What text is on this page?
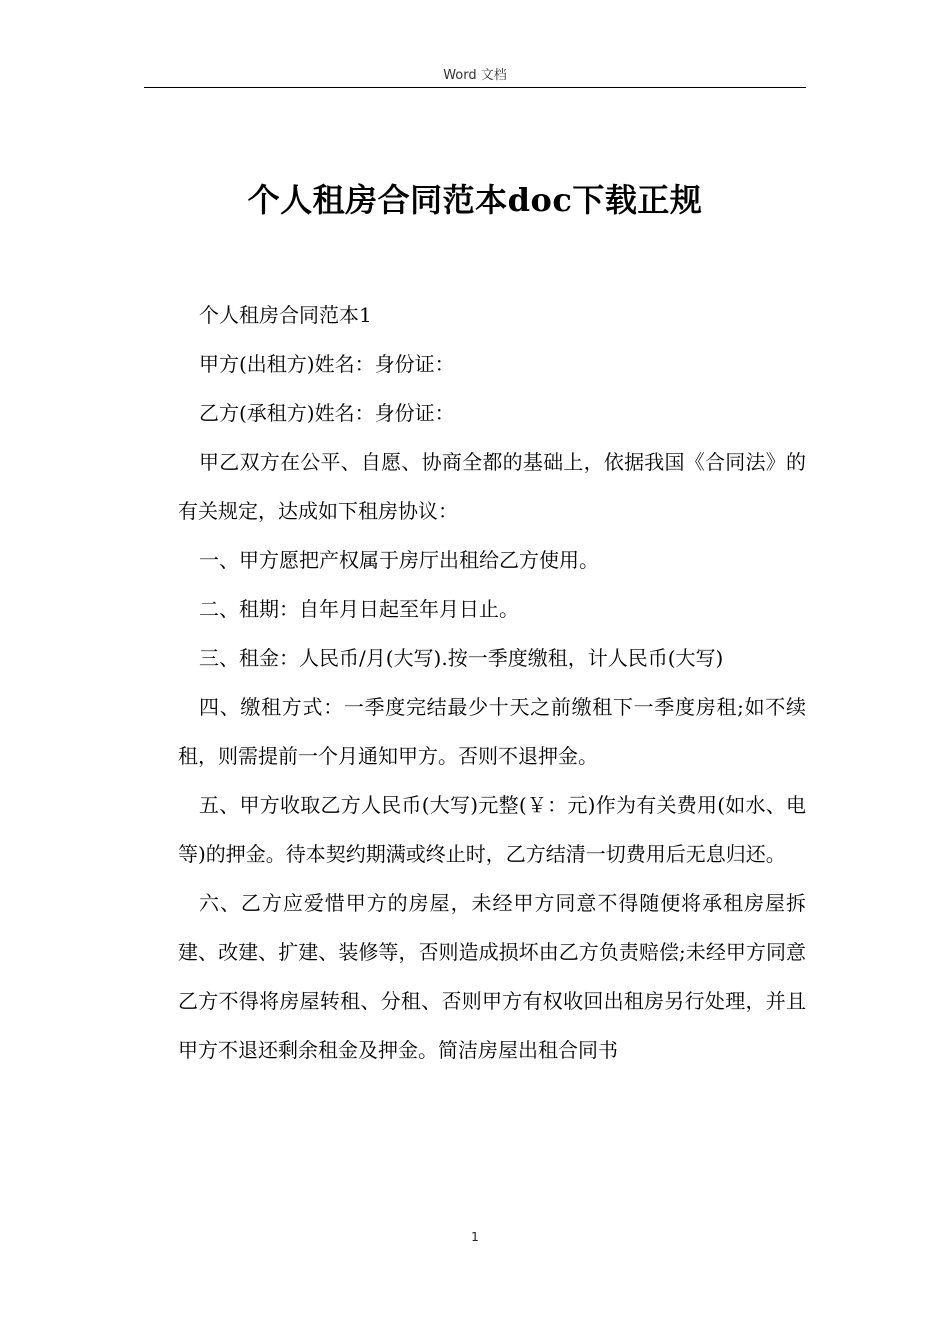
Word 文档
个人租房合同范本doc下载正规

个人租房合同范本1

甲方(出租方)姓名：身份证：

乙方(承租方)姓名：身份证：

甲乙双方在公平、自愿、协商全都的基础上，依据我国《合同法》的有关规定，达成如下租房协议：

一、甲方愿把产权属于房厅出租给乙方使用。

二、租期：自年月日起至年月日止。

三、租金：人民币/月(大写).按一季度缴租，计人民币(大写)

四、缴租方式：一季度完结最少十天之前缴租下一季度房租;如不续租，则需提前一个月通知甲方。否则不退押金。

五、甲方收取乙方人民币(大写)元整(￥：元)作为有关费用(如水、电等)的押金。待本契约期满或终止时，乙方结清一切费用后无息归还。

六、乙方应爱惜甲方的房屋，未经甲方同意不得随便将承租房屋拆建、改建、扩建、装修等，否则造成损坏由乙方负责赔偿;未经甲方同意乙方不得将房屋转租、分租、否则甲方有权收回出租房另行处理，并且甲方不退还剩余租金及押金。简洁房屋出租合同书

1
